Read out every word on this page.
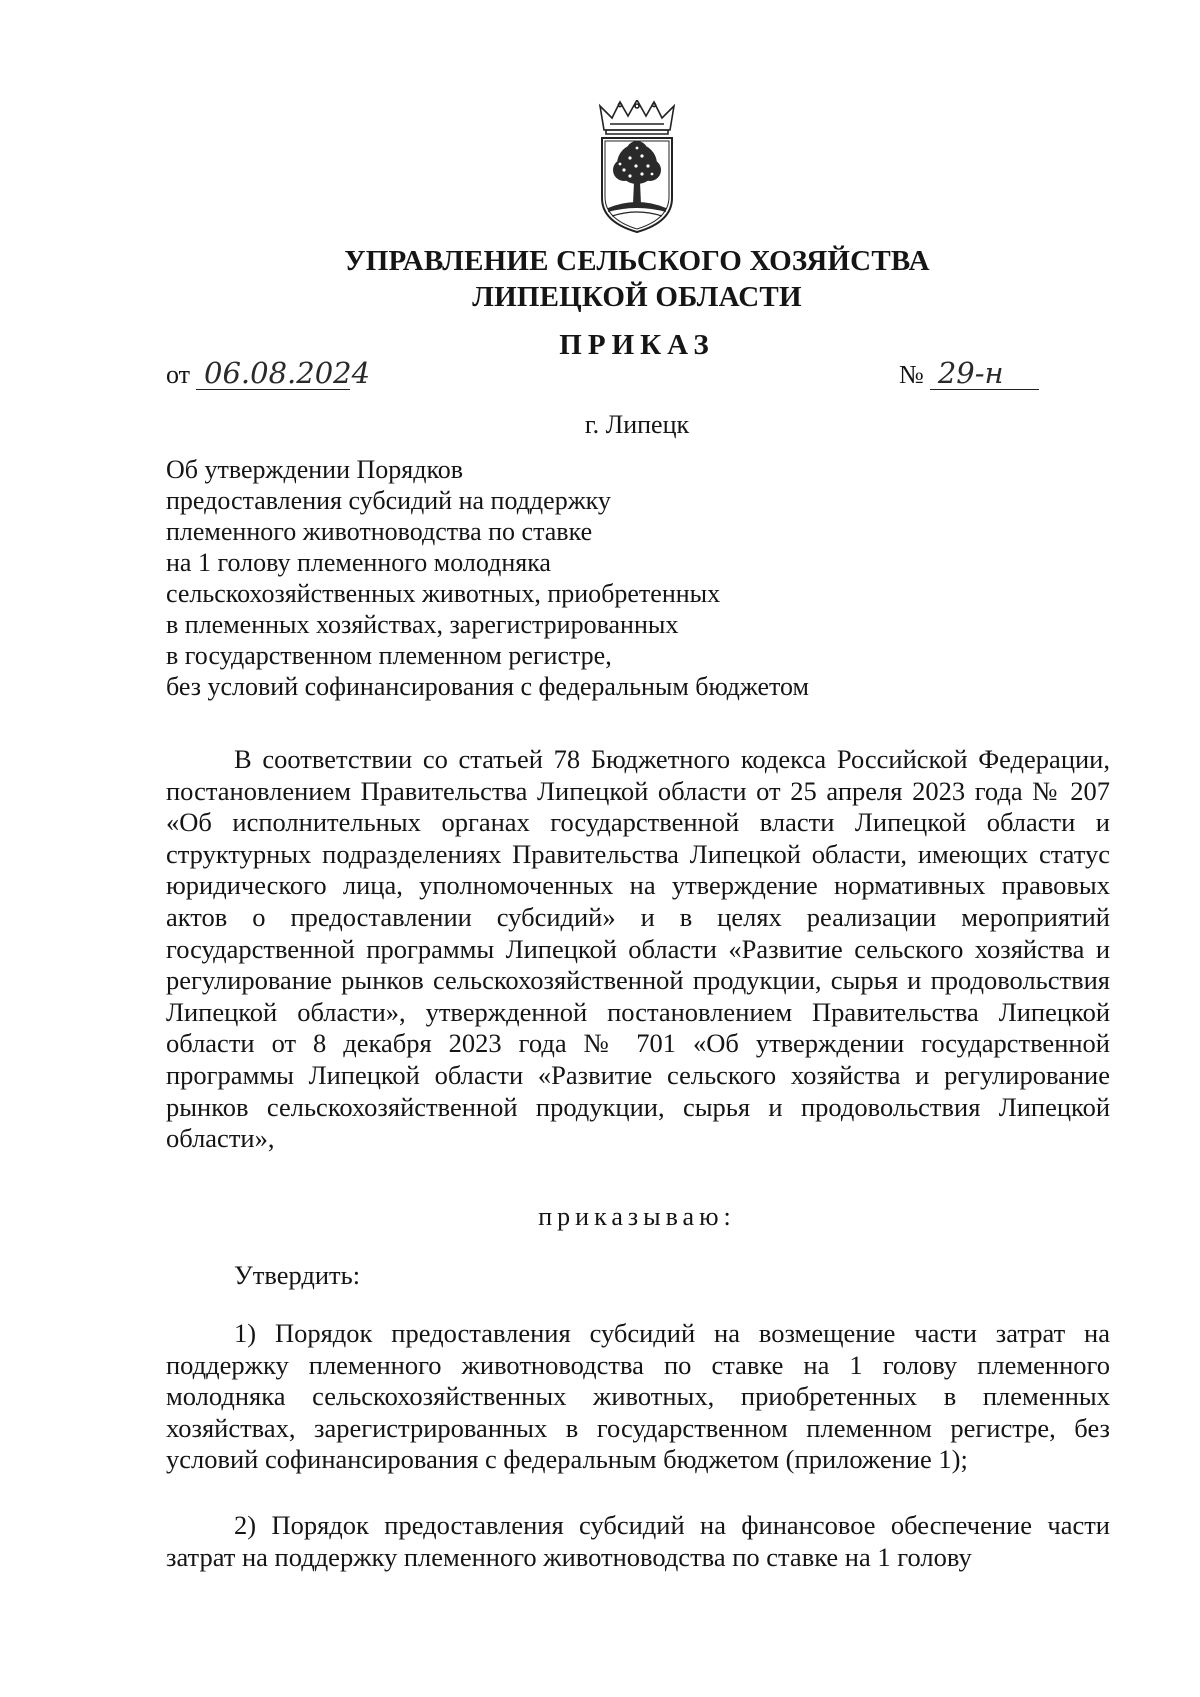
УПРАВЛЕНИЕ СЕЛЬСКОГО ХОЗЯЙСТВА
ЛИПЕЦКОЙ ОБЛАСТИ
ПРИКАЗ
от 06.08.2024	№ 29-н
г. Липецк
Об утверждении Порядков
предоставления субсидий на поддержку
племенного животноводства по ставке
на 1 голову племенного молодняка
сельскохозяйственных животных, приобретенных
в племенных хозяйствах, зарегистрированных
в государственном племенном регистре,
без условий софинансирования с федеральным бюджетом
В соответствии со статьей 78 Бюджетного кодекса Российской Федерации, постановлением Правительства Липецкой области от 25 апреля 2023 года № 207 «Об исполнительных органах государственной власти Липецкой области и структурных подразделениях Правительства Липецкой области, имеющих статус юридического лица, уполномоченных на утверждение нормативных правовых актов о предоставлении субсидий» и в целях реализации мероприятий государственной программы Липецкой области «Развитие сельского хозяйства и регулирование рынков сельскохозяйственной продукции, сырья и продовольствия Липецкой области», утвержденной постановлением Правительства Липецкой области от 8 декабря 2023 года № 701 «Об утверждении государственной программы Липецкой области «Развитие сельского хозяйства и регулирование рынков сельскохозяйственной продукции, сырья и продовольствия Липецкой области»,
приказываю:
Утвердить:
1) Порядок предоставления субсидий на возмещение части затрат на поддержку племенного животноводства по ставке на 1 голову племенного молодняка сельскохозяйственных животных, приобретенных в племенных хозяйствах, зарегистрированных в государственном племенном регистре, без условий софинансирования с федеральным бюджетом (приложение 1);
2) Порядок предоставления субсидий на финансовое обеспечение части затрат на поддержку племенного животноводства по ставке на 1 голову
